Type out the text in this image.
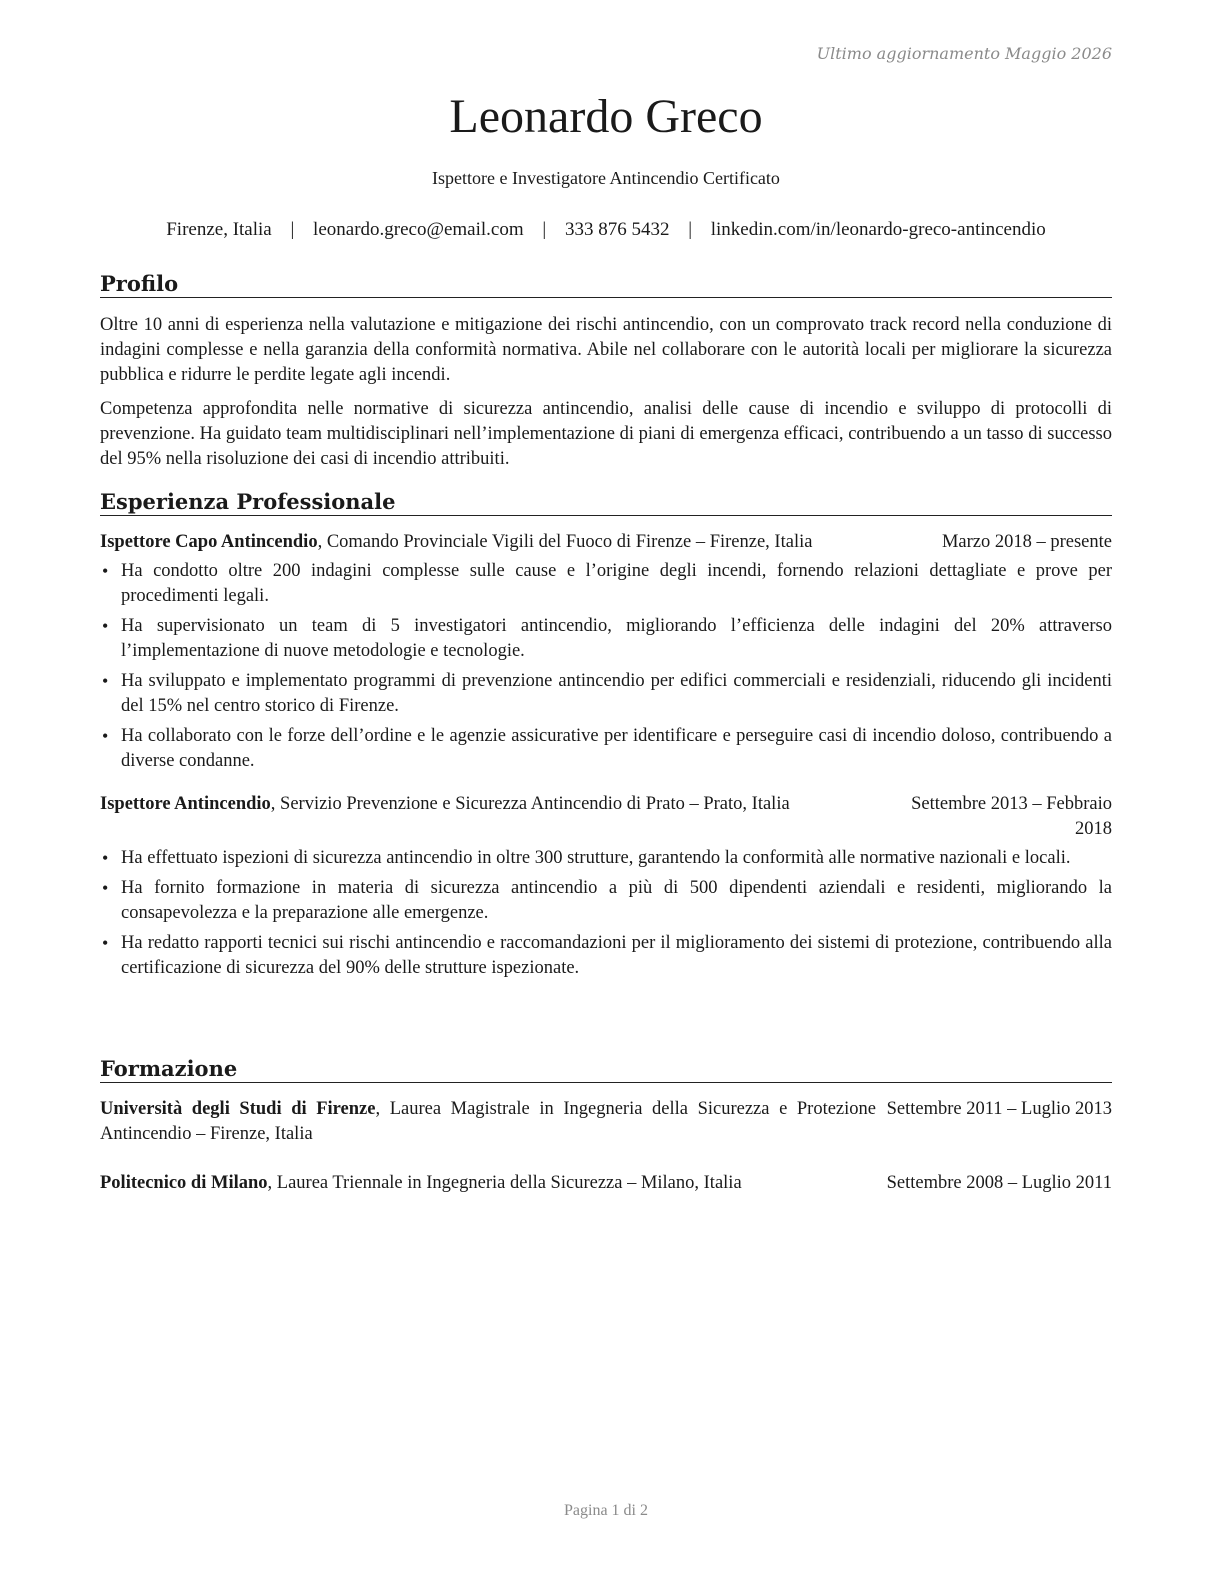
Ultimo aggiornamento Maggio 2026
Leonardo Greco
Ispettore e Investigatore Antincendio Certificato
Firenze, Italia | leonardo.greco@email.com | 333 876 5432 | linkedin.com/in/leonardo-greco-antincendio
Profilo

Oltre 10 anni di esperienza nella valutazione e mitigazione dei rischi antincendio, con un comprovato track record nella conduzione di indagini complesse e nella garanzia della conformità normativa. Abile nel collaborare con le autorità locali per migliorare la sicurezza pubblica e ridurre le perdite legate agli incendi.

Competenza approfondita nelle normative di sicurezza antincendio, analisi delle cause di incendio e sviluppo di protocolli di prevenzione. Ha guidato team multidisciplinari nell’implementazione di piani di emergenza efficaci, contribuendo a un tasso di successo del 95% nella risoluzione dei casi di incendio attribuiti.

Esperienza Professionale
Ispettore Capo Antincendio, Comando Provinciale Vigili del Fuoco di Firenze – Firenze, Italia	Marzo 2018 – presente
• Ha condotto oltre 200 indagini complesse sulle cause e l’origine degli incendi, fornendo relazioni dettagliate e prove per procedimenti legali.
• Ha supervisionato un team di 5 investigatori antincendio, migliorando l’efficienza delle indagini del 20% attraverso l’implementazione di nuove metodologie e tecnologie.
• Ha sviluppato e implementato programmi di prevenzione antincendio per edifici commerciali e residenziali, riducendo gli incidenti del 15% nel centro storico di Firenze.
• Ha collaborato con le forze dell’ordine e le agenzie assicurative per identificare e perseguire casi di incendio doloso, contribuendo a diverse condanne.
Ispettore Antincendio, Servizio Prevenzione e Sicurezza Antincendio di Prato – Prato, Italia	Settembre 2013 – Febbraio 2018
• Ha effettuato ispezioni di sicurezza antincendio in oltre 300 strutture, garantendo la conformità alle normative nazionali e locali.
• Ha fornito formazione in materia di sicurezza antincendio a più di 500 dipendenti aziendali e residenti, migliorando la consapevolezza e la preparazione alle emergenze.
• Ha redatto rapporti tecnici sui rischi antincendio e raccomandazioni per il miglioramento dei sistemi di protezione, contribuendo alla certificazione di sicurezza del 90% delle strutture ispezionate.
Formazione
Università degli Studi di Firenze, Laurea Magistrale in Ingegneria della Sicurezza e Protezione Antincendio – Firenze, Italia
Settembre 2011 – Luglio 2013
Politecnico di Milano, Laurea Triennale in Ingegneria della Sicurezza – Milano, Italia	Settembre 2008 – Luglio 2011
Pagina 1 di 2
